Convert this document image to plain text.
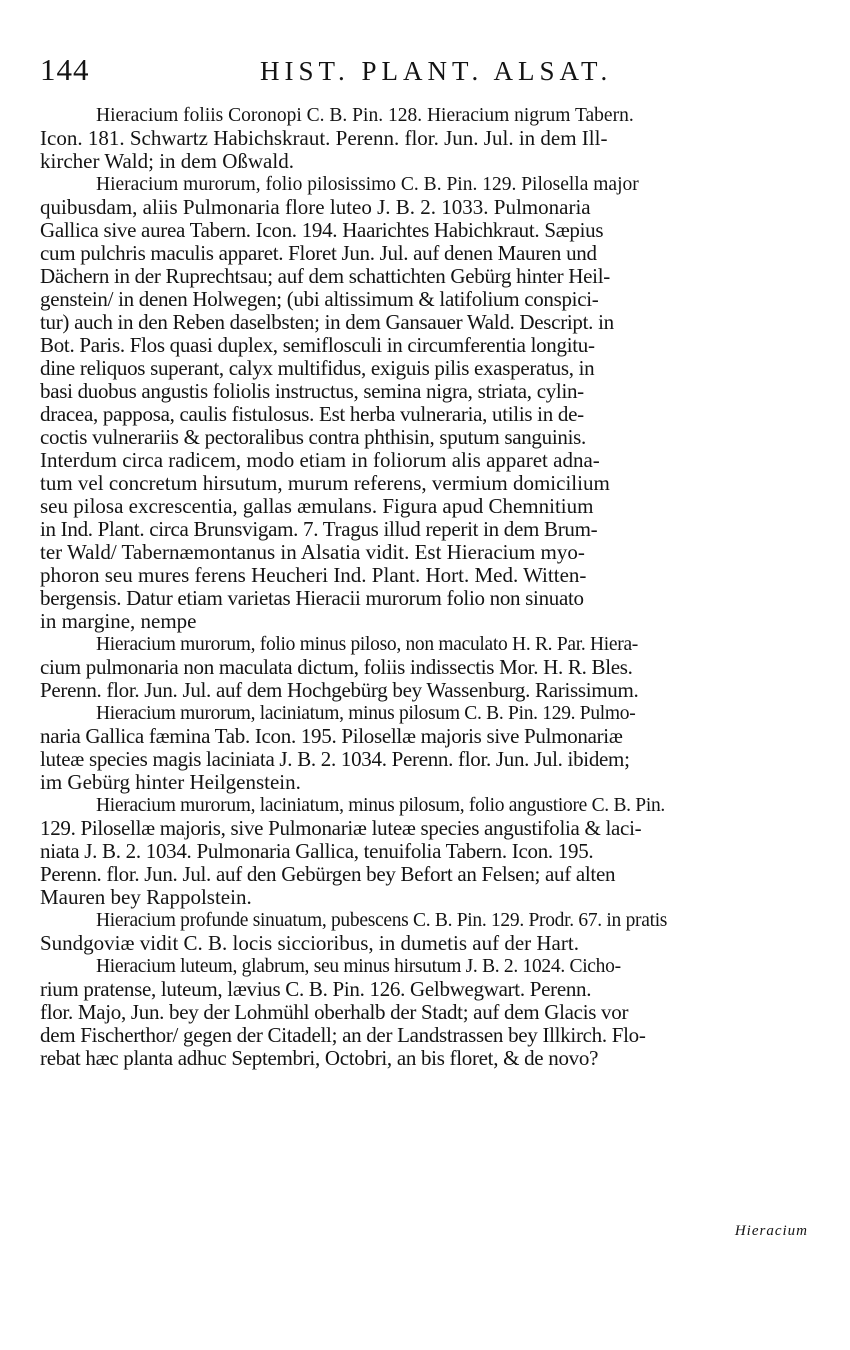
144	HIST. PLANT. ALSAT.
Hieracium foliis Coronopi C. B. Pin. 128. Hieracium nigrum Tabern.
Icon. 181. Schwartz Habichskraut. Perenn. flor. Jun. Jul. in dem Ill-
kircher Wald; in dem Oßwald.
Hieracium murorum, folio pilosissimo C. B. Pin. 129. Pilosella major
quibusdam, aliis Pulmonaria flore luteo J. B. 2. 1033. Pulmonaria
Gallica sive aurea Tabern. Icon. 194. Haarichtes Habichkraut. Sæpius
cum pulchris maculis apparet. Floret Jun. Jul. auf denen Mauren und
Dächern in der Ruprechtsau; auf dem schattichten Gebürg hinter Heil-
genstein/ in denen Holwegen; (ubi altissimum & latifolium conspici-
tur) auch in den Reben daselbsten; in dem Gansauer Wald. Descript. in
Bot. Paris. Flos quasi duplex, semiflosculi in circumferentia longitu-
dine reliquos superant, calyx multifidus, exiguis pilis exasperatus, in
basi duobus angustis foliolis instructus, semina nigra, striata, cylin-
dracea, papposa, caulis fistulosus. Est herba vulneraria, utilis in de-
coctis vulnerariis & pectoralibus contra phthisin, sputum sanguinis.
Interdum circa radicem, modo etiam in foliorum alis apparet adna-
tum vel concretum hirsutum, murum referens, vermium domicilium
seu pilosa excrescentia, gallas æmulans. Figura apud Chemnitium
in Ind. Plant. circa Brunsvigam. 7. Tragus illud reperit in dem Brum-
ter Wald/ Tabernæmontanus in Alsatia vidit. Est Hieracium myo-
phoron seu mures ferens Heucheri Ind. Plant. Hort. Med. Witten-
bergensis. Datur etiam varietas Hieracii murorum folio non sinuato
in margine, nempe
Hieracium murorum, folio minus piloso, non maculato H. R. Par. Hiera-
cium pulmonaria non maculata dictum, foliis indissectis Mor. H. R. Bles.
Perenn. flor. Jun. Jul. auf dem Hochgebürg bey Wassenburg. Rarissimum.
Hieracium murorum, laciniatum, minus pilosum C. B. Pin. 129. Pulmo-
naria Gallica fæmina Tab. Icon. 195. Pilosellæ majoris sive Pulmonariæ
luteæ species magis laciniata J. B. 2. 1034. Perenn. flor. Jun. Jul. ibidem;
im Gebürg hinter Heilgenstein.
Hieracium murorum, laciniatum, minus pilosum, folio angustiore C. B. Pin.
129. Pilosellæ majoris, sive Pulmonariæ luteæ species angustifolia & laci-
niata J. B. 2. 1034. Pulmonaria Gallica, tenuifolia Tabern. Icon. 195.
Perenn. flor. Jun. Jul. auf den Gebürgen bey Befort an Felsen; auf alten
Mauren bey Rappolstein.
Hieracium profunde sinuatum, pubescens C. B. Pin. 129. Prodr. 67. in pratis
Sundgoviæ vidit C. B. locis siccioribus, in dumetis auf der Hart.
Hieracium luteum, glabrum, seu minus hirsutum J. B. 2. 1024. Cicho-
rium pratense, luteum, lævius C. B. Pin. 126. Gelbwegwart. Perenn.
flor. Majo, Jun. bey der Lohmühl oberhalb der Stadt; auf dem Glacis vor
dem Fischerthor/ gegen der Citadell; an der Landstrassen bey Illkirch. Flo-
rebat hæc planta adhuc Septembri, Octobri, an bis floret, & de novo?
Hieracium
